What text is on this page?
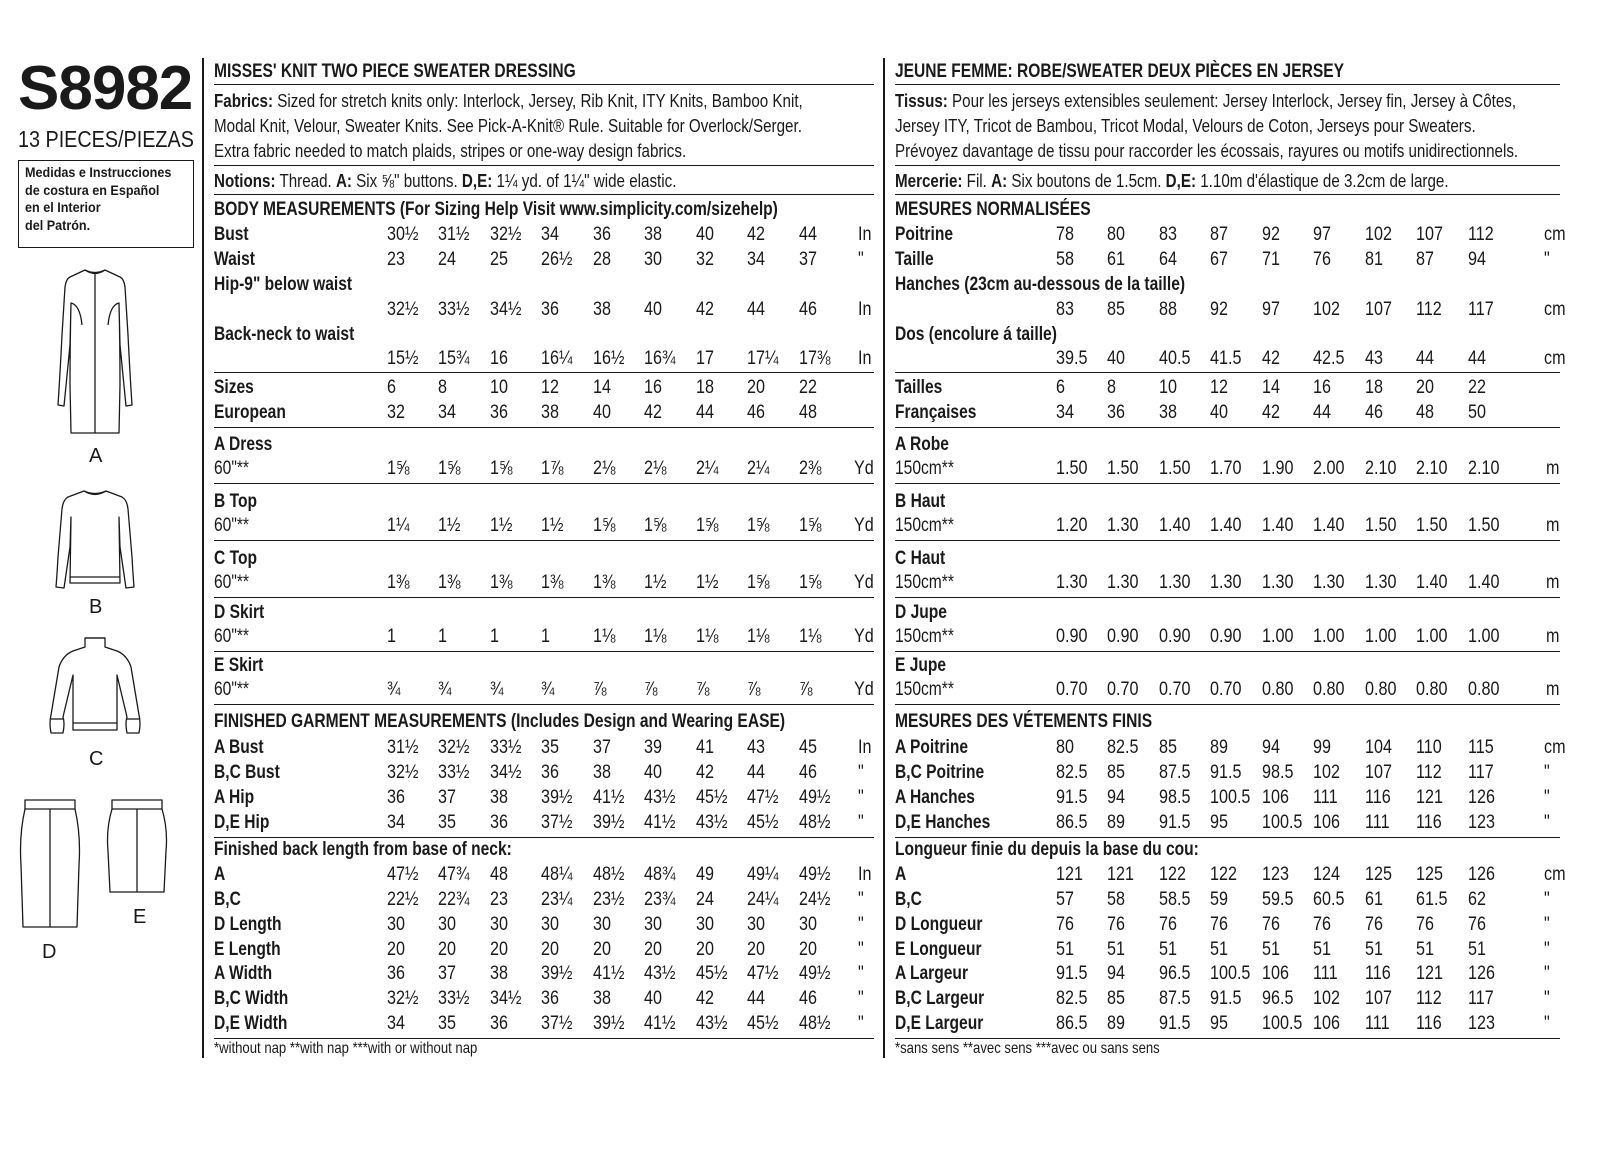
S8982
13 PIECES/PIEZAS
Medidas e Instrucciones
de costura en Español
en el Interior
del Patrón.
A
B
C
D
E
MISSES' KNIT TWO PIECE SWEATER DRESSING
Fabrics: Sized for stretch knits only: Interlock, Jersey, Rib Knit, ITY Knits, Bamboo Knit,
Modal Knit, Velour, Sweater Knits. See Pick-A-Knit® Rule. Suitable for Overlock/Serger.
Extra fabric needed to match plaids, stripes or one-way design fabrics.
Notions: Thread. A: Six ⅝" buttons. D,E: 1¼ yd. of 1¼" wide elastic.
BODY MEASUREMENTS (For Sizing Help Visit www.simplicity.com/sizehelp)
Bust	30½ 31½ 32½ 34 36 38 40 42 44 In
Waist	23 24 25 26½ 28 30 32 34 37 "
Hip-9" below waist
32½ 33½ 34½ 36 38 40 42 44 46 In
Back-neck to waist
15½ 15¾ 16 16¼ 16½ 16¾ 17 17¼ 17⅜ In
Sizes	6 8 10 12 14 16 18 20 22
European	32 34 36 38 40 42 44 46 48
A Dress
60"**	1⅝ 1⅝ 1⅝ 1⅞ 2⅛ 2⅛ 2¼ 2¼ 2⅜ Yd
B Top
60"**	1¼ 1½ 1½ 1½ 1⅝ 1⅝ 1⅝ 1⅝ 1⅝ Yd
C Top
60"**	1⅜ 1⅜ 1⅜ 1⅜ 1⅜ 1½ 1½ 1⅝ 1⅝ Yd
D Skirt
60"**	1 1 1 1 1⅛ 1⅛ 1⅛ 1⅛ 1⅛ Yd
E Skirt
60"**	¾ ¾ ¾ ¾ ⅞ ⅞ ⅞ ⅞ ⅞ Yd
FINISHED GARMENT MEASUREMENTS (Includes Design and Wearing EASE)
A Bust	31½ 32½ 33½ 35 37 39 41 43 45 In
B,C Bust	32½ 33½ 34½ 36 38 40 42 44 46 "
A Hip	36 37 38 39½ 41½ 43½ 45½ 47½ 49½ "
D,E Hip	34 35 36 37½ 39½ 41½ 43½ 45½ 48½ "
Finished back length from base of neck:
A	47½ 47¾ 48 48¼ 48½ 48¾ 49 49¼ 49½ In
B,C	22½ 22¾ 23 23¼ 23½ 23¾ 24 24¼ 24½ "
D Length	30 30 30 30 30 30 30 30 30 "
E Length	20 20 20 20 20 20 20 20 20 "
A Width	36 37 38 39½ 41½ 43½ 45½ 47½ 49½ "
B,C Width	32½ 33½ 34½ 36 38 40 42 44 46 "
D,E Width	34 35 36 37½ 39½ 41½ 43½ 45½ 48½ "
*without nap **with nap ***with or without nap
JEUNE FEMME: ROBE/SWEATER DEUX PIÈCES EN JERSEY
Tissus: Pour les jerseys extensibles seulement: Jersey Interlock, Jersey fin, Jersey à Côtes,
Jersey ITY, Tricot de Bambou, Tricot Modal, Velours de Coton, Jerseys pour Sweaters.
Prévoyez davantage de tissu pour raccorder les écossais, rayures ou motifs unidirectionnels.
Mercerie: Fil. A: Six boutons de 1.5cm. D,E: 1.10m d'élastique de 3.2cm de large.
MESURES NORMALISÉES
Poitrine	78 80 83 87 92 97 102 107 112	cm
Taille	58 61 64 67 71 76 81 87 94	"
Hanches (23cm au-dessous de la taille)
83 85 88 92 97 102 107 112 117	cm
Dos (encolure á taille)
39.5 40 40.5 41.5 42 42.5 43 44 44	cm
Tailles	6 8 10 12 14 16 18 20 22
Françaises	34 36 38 40 42 44 46 48 50
A Robe
150cm**	1.50 1.50 1.50 1.70 1.90 2.00 2.10 2.10 2.10 m
B Haut
150cm**	1.20 1.30 1.40 1.40 1.40 1.40 1.50 1.50 1.50 m
C Haut
150cm**	1.30 1.30 1.30 1.30 1.30 1.30 1.30 1.40 1.40 m
D Jupe
150cm**	0.90 0.90 0.90 0.90 1.00 1.00 1.00 1.00 1.00 m
E Jupe
150cm**	0.70 0.70 0.70 0.70 0.80 0.80 0.80 0.80 0.80 m
MESURES DES VÉTEMENTS FINIS
A Poitrine	80 82.5 85 89 94 99 104 110 115	cm
B,C Poitrine	82.5 85 87.5 91.5 98.5 102 107 112 117	"
A Hanches	91.5 94 98.5 100.5 106 111 116 121 126	"
D,E Hanches	86.5 89 91.5 95 100.5 106 111 116 123	"
Longueur finie du depuis la base du cou:
A	121 121 122 122 123 124 125 125 126	cm
B,C	57 58 58.5 59 59.5 60.5 61 61.5 62	"
D Longueur	76 76 76 76 76 76 76 76 76	"
E Longueur	51 51 51 51 51 51 51 51 51	"
A Largeur	91.5 94 96.5 100.5 106 111 116 121 126	"
B,C Largeur	82.5 85 87.5 91.5 96.5 102 107 112 117	"
D,E Largeur	86.5 89 91.5 95 100.5 106 111 116 123	"
*sans sens **avec sens ***avec ou sans sens
